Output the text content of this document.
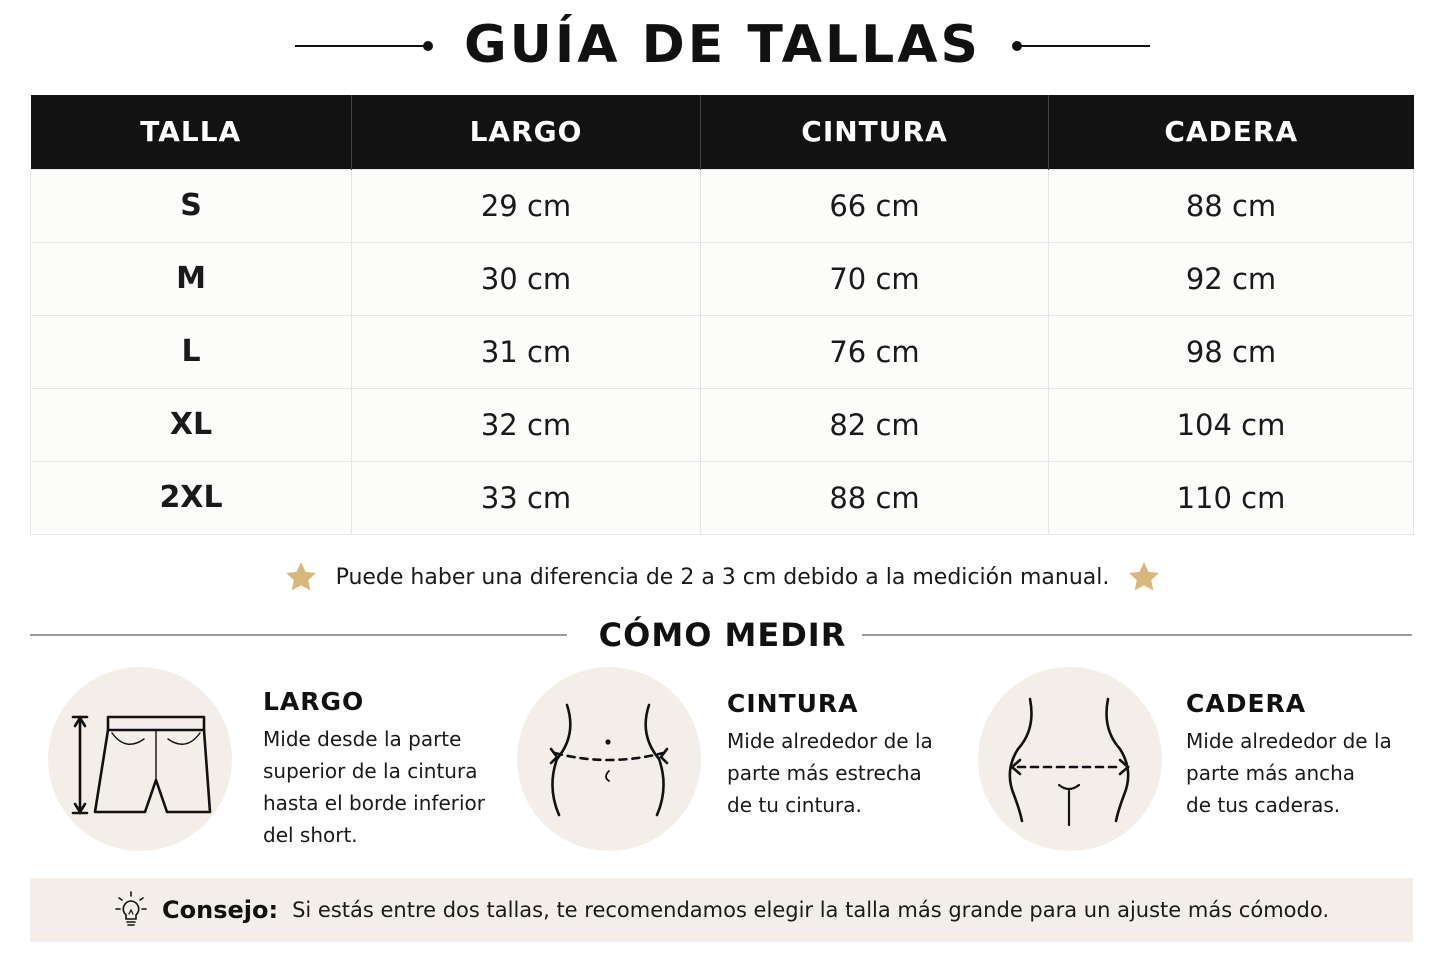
GUÍA DE TALLAS
TALLA	LARGO	CINTURA	CADERA
S	29 cm	66 cm	88 cm
M	30 cm	70 cm	92 cm
L	31 cm	76 cm	98 cm
XL	32 cm	82 cm	104 cm
2XL	33 cm	88 cm	110 cm
Puede haber una diferencia de 2 a 3 cm debido a la medición manual.
CÓMO MEDIR
LARGO
Mide desde la parte
superior de la cintura
hasta el borde inferior
del short.
CINTURA
Mide alrededor de la
parte más estrecha
de tu cintura.
CADERA
Mide alrededor de la
parte más ancha
de tus caderas.
Consejo: Si estás entre dos tallas, te recomendamos elegir la talla más grande para un ajuste más cómodo.
